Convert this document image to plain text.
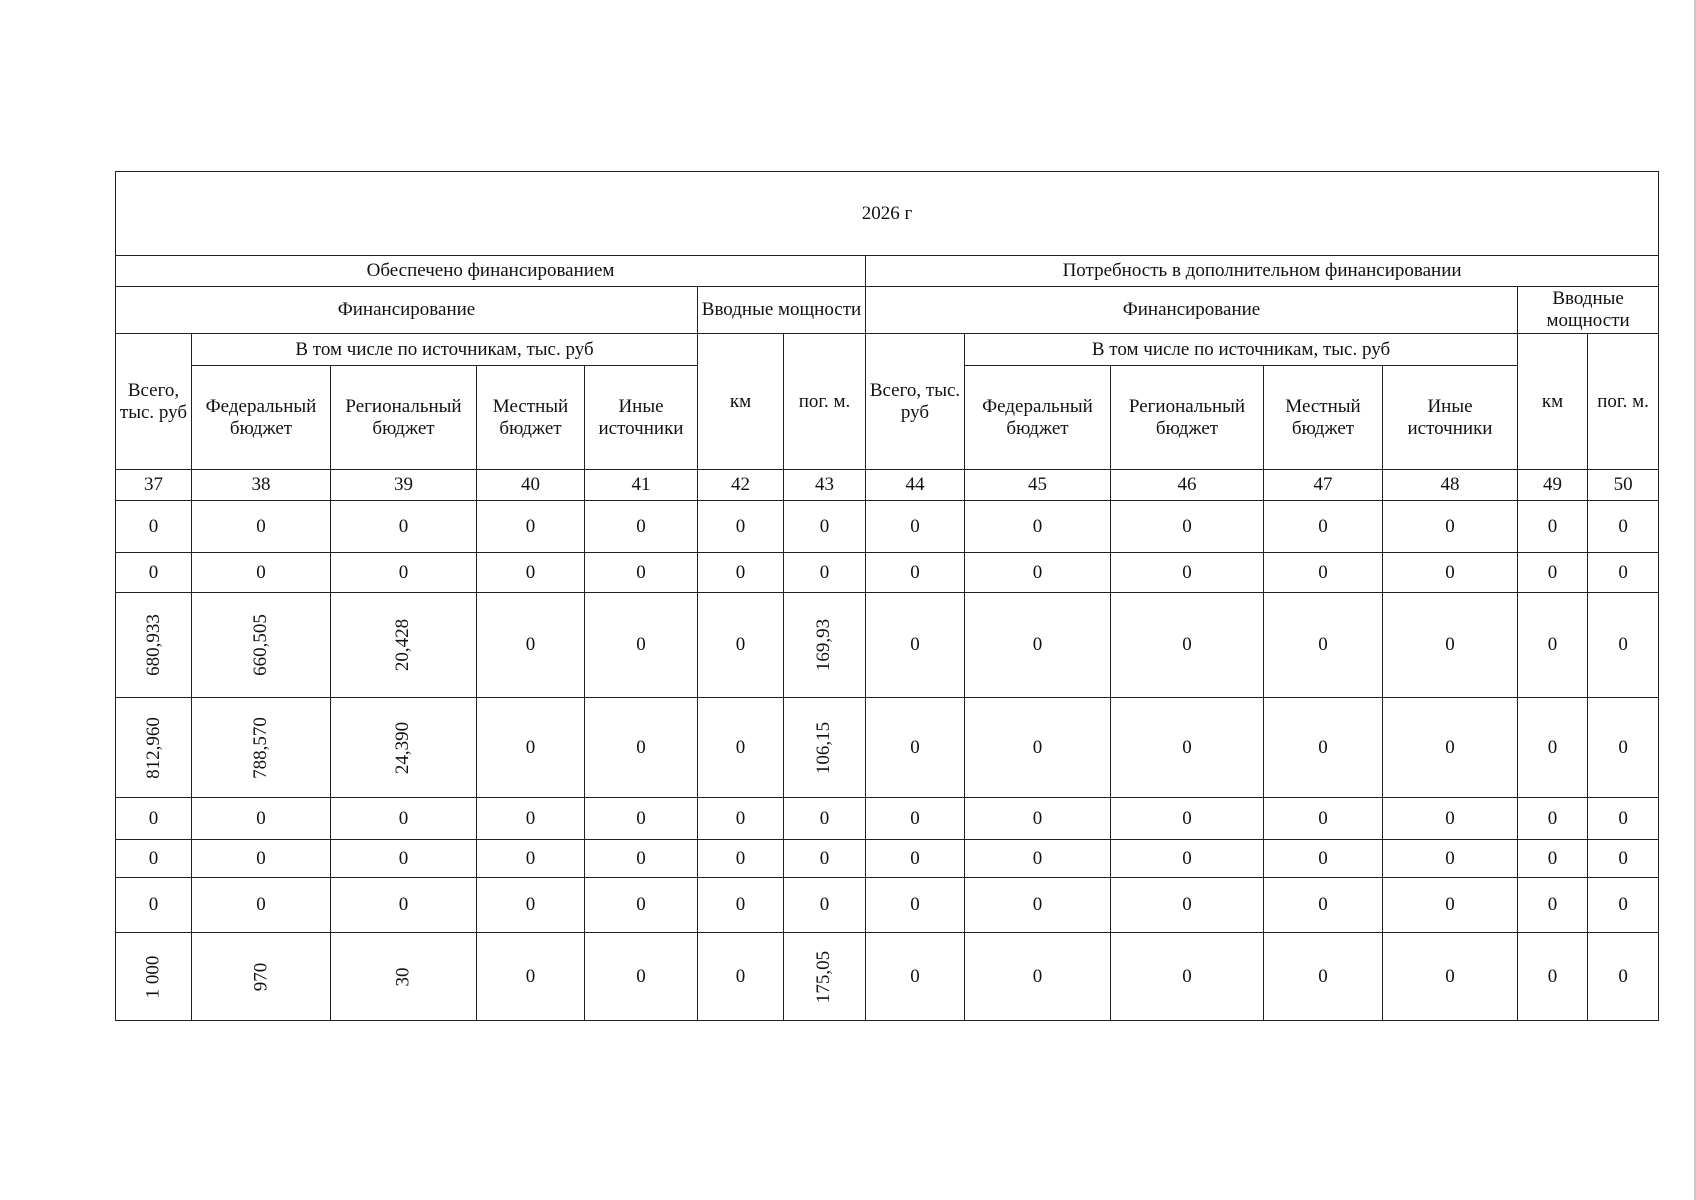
2026 г													
Обеспечено финансированием							Потребность в дополнительном финансировании						
Финансирование					Вводные мощности		Финансирование					Вводные мощности	
Всего, тыс. руб	В том числе по источникам, тыс. руб				км	пог. м.	Всего, тыс. руб	В том числе по источникам, тыс. руб				км	пог. м.
	Федеральный бюджет	Региональный бюджет	Местный бюджет	Иные источники				Федеральный бюджет	Региональный бюджет	Местный бюджет	Иные источники		
37	38	39	40	41	42	43	44	45	46	47	48	49	50
0	0	0	0	0	0	0	0	0	0	0	0	0	0
0	0	0	0	0	0	0	0	0	0	0	0	0	0
680,933	660,505	20,428	0	0	0	169,93	0	0	0	0	0	0	0
812,960	788,570	24,390	0	0	0	106,15	0	0	0	0	0	0	0
0	0	0	0	0	0	0	0	0	0	0	0	0	0
0	0	0	0	0	0	0	0	0	0	0	0	0	0
0	0	0	0	0	0	0	0	0	0	0	0	0	0
1 000	970	30	0	0	0	175,05	0	0	0	0	0	0	0
